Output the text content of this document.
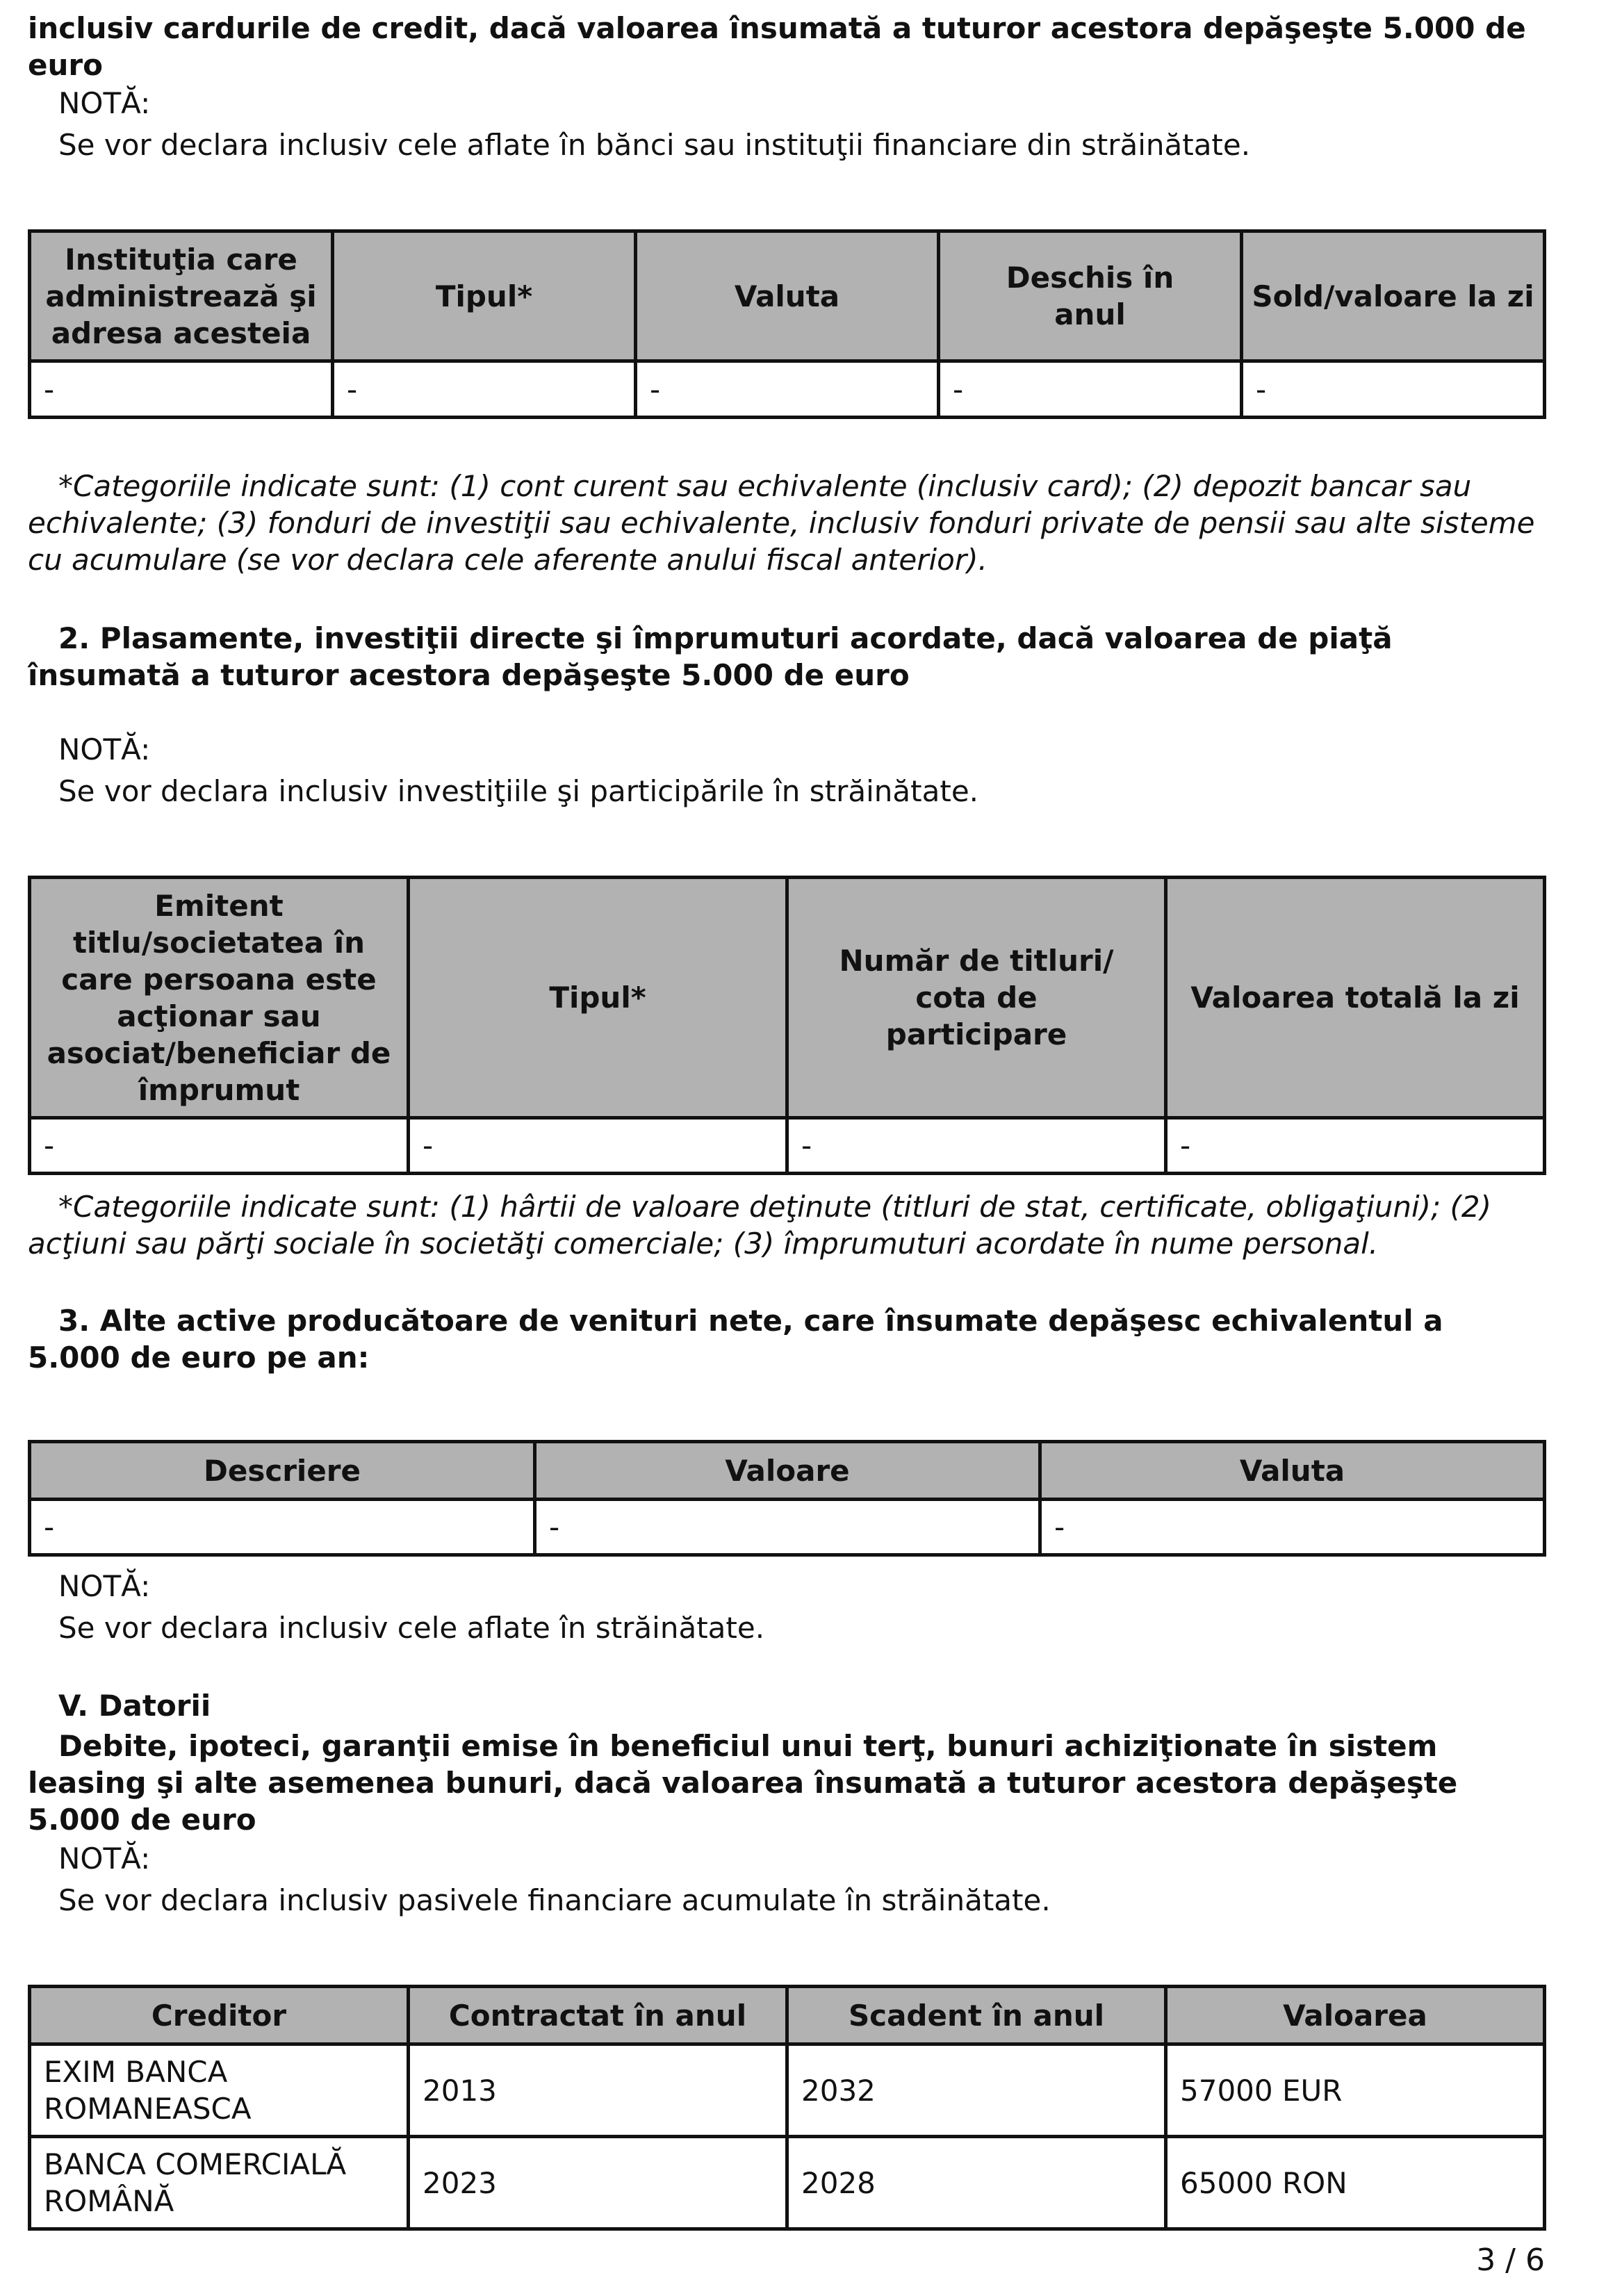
inclusiv cardurile de credit, dacă valoarea însumată a tuturor acestora depăşeşte 5.000 de euro

NOTĂ:

Se vor declara inclusiv cele aflate în bănci sau instituţii financiare din străinătate.

Instituţia care administrează şi adresa acesteia	Tipul*	Valuta	Deschis în anul	Sold/valoare la zi
-	-	-	-	-

*Categoriile indicate sunt: (1) cont curent sau echivalente (inclusiv card); (2) depozit bancar sau echivalente; (3) fonduri de investiţii sau echivalente, inclusiv fonduri private de pensii sau alte sisteme cu acumulare (se vor declara cele aferente anului fiscal anterior).

2. Plasamente, investiţii directe şi împrumuturi acordate, dacă valoarea de piaţă însumată a tuturor acestora depăşeşte 5.000 de euro

NOTĂ:

Se vor declara inclusiv investiţiile şi participările în străinătate.

Emitent titlu/societatea în care persoana este acţionar sau asociat/beneficiar de împrumut	Tipul*	Număr de titluri/ cota de participare	Valoarea totală la zi
-	-	-	-

*Categoriile indicate sunt: (1) hârtii de valoare deţinute (titluri de stat, certificate, obligaţiuni); (2) acţiuni sau părţi sociale în societăţi comerciale; (3) împrumuturi acordate în nume personal.

3. Alte active producătoare de venituri nete, care însumate depăşesc echivalentul a 5.000 de euro pe an:

Descriere	Valoare	Valuta
-	-	-

NOTĂ:

Se vor declara inclusiv cele aflate în străinătate.

V. Datorii

Debite, ipoteci, garanţii emise în beneficiul unui terţ, bunuri achiziţionate în sistem leasing şi alte asemenea bunuri, dacă valoarea însumată a tuturor acestora depăşeşte 5.000 de euro

NOTĂ:

Se vor declara inclusiv pasivele financiare acumulate în străinătate.

Creditor	Contractat în anul	Scadent în anul	Valoarea
EXIM BANCA ROMANEASCA	2013	2032	57000 EUR
BANCA COMERCIALĂ ROMÂNĂ	2023	2028	65000 RON
3 / 6
